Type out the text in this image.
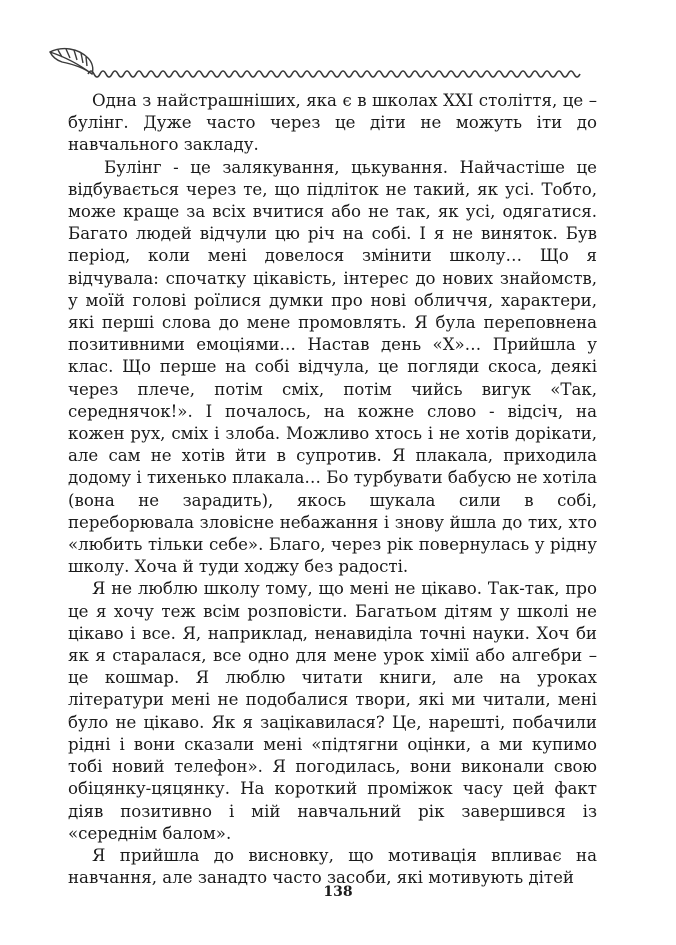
Одна з найстрашніших, яка є в школах XXI століття, це – булінг. Дуже часто через це діти не можуть іти до навчального закладу.

Булінг - це залякування, цькування. Найчастіше це відбувається через те, що підліток не такий, як усі. Тобто, може краще за всіх вчитися або не так, як усі, одягатися. Багато людей відчули цю річ на собі. І я не виняток. Був період, коли мені довелося змінити школу… Що я відчувала: спочатку цікавість, інтерес до нових знайомств, у моїй голові роїлися думки про нові обличчя, характери, які перші слова до мене промовлять. Я була переповнена позитивними емоціями… Настав день «Х»… Прийшла у клас. Що перше на собі відчула, це погляди скоса, деякі через плече, потім сміх, потім чийсь вигук «Так, середнячок!». І почалось, на кожне слово - відсіч, на кожен рух, сміх і злоба. Можливо хтось і не хотів дорікати, але сам не хотів йти в супротив. Я плакала, приходила додому і тихенько плакала… Бо турбувати бабусю не хотіла (вона не зарадить), якось шукала сили в собі, переборювала зловісне небажання і знову йшла до тих, хто «любить тільки себе». Благо, через рік повернулась у рідну школу. Хоча й туди ходжу без радості.

Я не люблю школу тому, що мені не цікаво. Так-так, про це я хочу теж всім розповісти. Багатьом дітям у школі не цікаво і все. Я, наприклад, ненавиділа точні науки. Хоч би як я старалася, все одно для мене урок хімії або алгебри – це кошмар. Я люблю читати книги, але на уроках літератури мені не подобалися твори, які ми читали, мені було не цікаво. Як я зацікавилася? Це, нарешті, побачили рідні і вони сказали мені «підтягни оцінки, а ми купимо тобі новий телефон». Я погодилась, вони виконали свою обіцянку-цяцянку. На короткий проміжок часу цей факт діяв позитивно і мій навчальний рік завершився із «середнім балом».

Я прийшла до висновку, що мотивація впливає на навчання, але занадто часто засоби, які мотивують дітей

138
